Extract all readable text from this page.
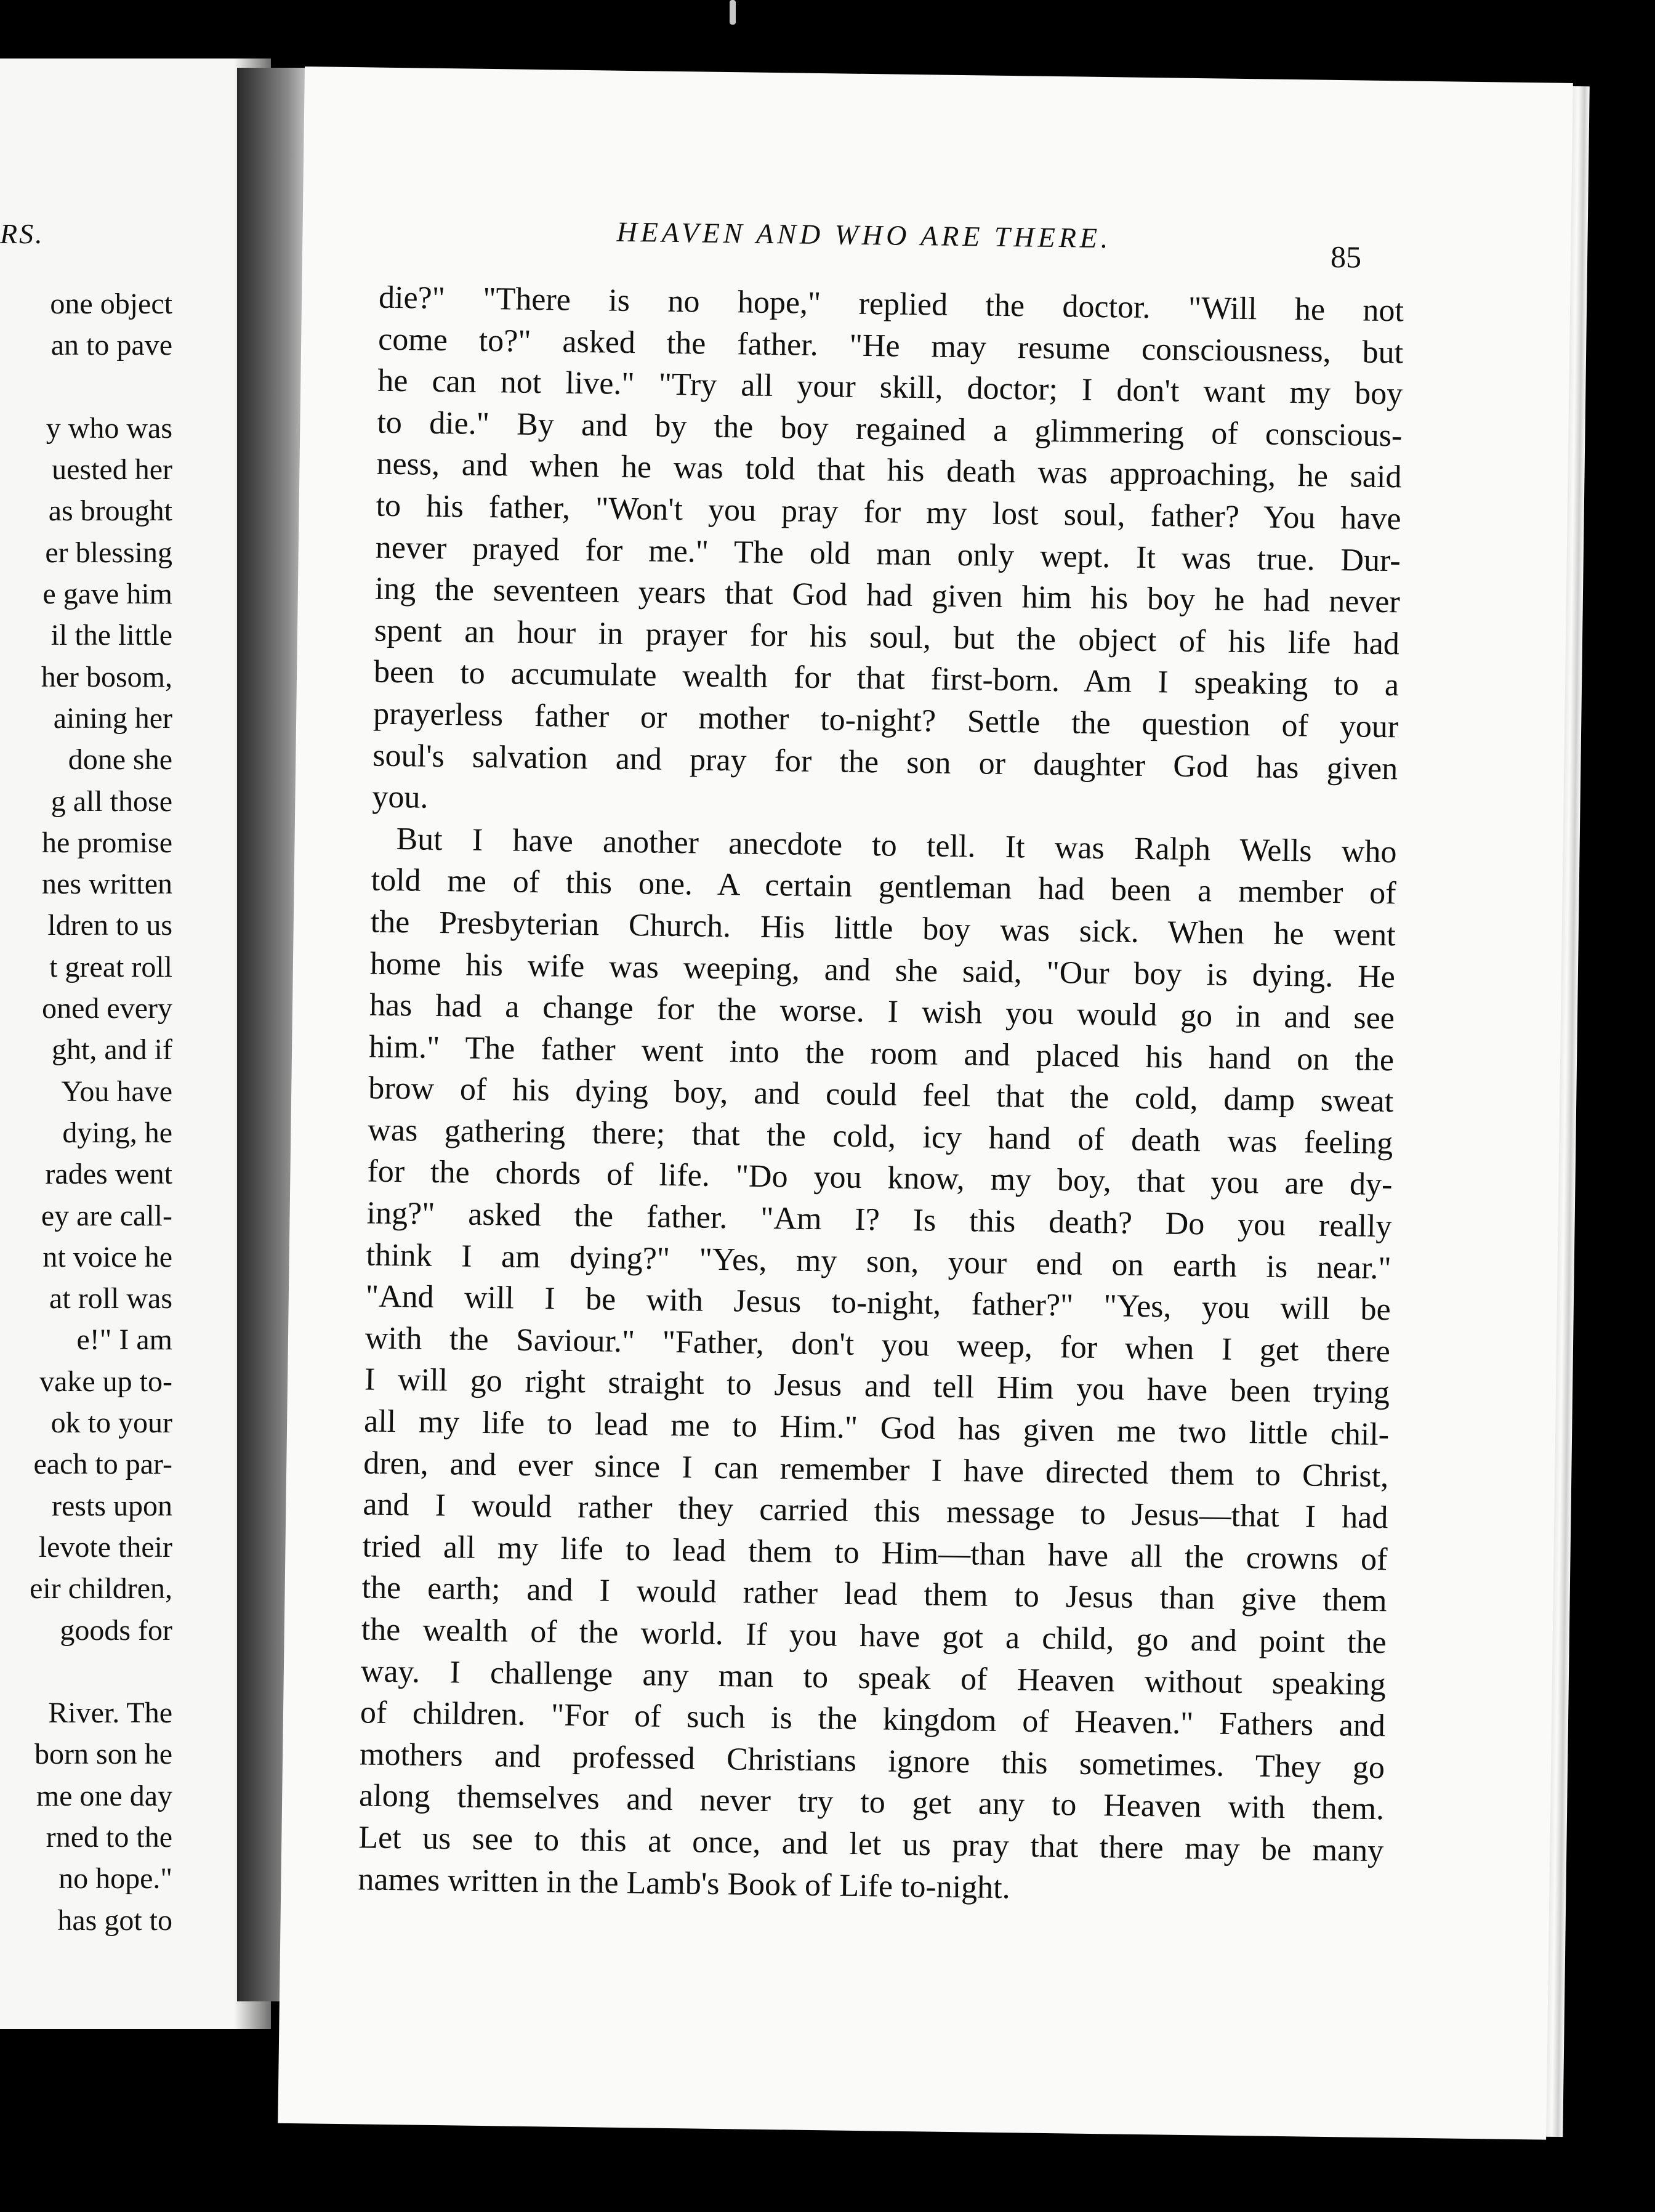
RS.
one object
an to pave
y who was
uested her
as brought
er blessing
e gave him
il the little
her bosom,
aining her
done she
g all those
he promise
nes written
ldren to us
t great roll
oned every
ght, and if
You have
dying, he
rades went
ey are call-
nt voice he
at roll was
e!" I am
vake up to-
ok to your
each to par-
rests upon
levote their
eir children,
goods for
River. The
born son he
me one day
rned to the
no hope."
has got to
HEAVEN AND WHO ARE THERE.
85
die?" "There is no hope," replied the doctor. "Will he not
come to?" asked the father. "He may resume consciousness, but
he can not live." "Try all your skill, doctor; I don't want my boy
to die." By and by the boy regained a glimmering of conscious-
ness, and when he was told that his death was approaching, he said
to his father, "Won't you pray for my lost soul, father? You have
never prayed for me." The old man only wept. It was true. Dur-
ing the seventeen years that God had given him his boy he had never
spent an hour in prayer for his soul, but the object of his life had
been to accumulate wealth for that first-born. Am I speaking to a
prayerless father or mother to-night? Settle the question of your
soul's salvation and pray for the son or daughter God has given
you.
But I have another anecdote to tell. It was Ralph Wells who
told me of this one. A certain gentleman had been a member of
the Presbyterian Church. His little boy was sick. When he went
home his wife was weeping, and she said, "Our boy is dying. He
has had a change for the worse. I wish you would go in and see
him." The father went into the room and placed his hand on the
brow of his dying boy, and could feel that the cold, damp sweat
was gathering there; that the cold, icy hand of death was feeling
for the chords of life. "Do you know, my boy, that you are dy-
ing?" asked the father. "Am I? Is this death? Do you really
think I am dying?" "Yes, my son, your end on earth is near."
"And will I be with Jesus to-night, father?" "Yes, you will be
with the Saviour." "Father, don't you weep, for when I get there
I will go right straight to Jesus and tell Him you have been trying
all my life to lead me to Him." God has given me two little chil-
dren, and ever since I can remember I have directed them to Christ,
and I would rather they carried this message to Jesus—that I had
tried all my life to lead them to Him—than have all the crowns of
the earth; and I would rather lead them to Jesus than give them
the wealth of the world. If you have got a child, go and point the
way. I challenge any man to speak of Heaven without speaking
of children. "For of such is the kingdom of Heaven." Fathers and
mothers and professed Christians ignore this sometimes. They go
along themselves and never try to get any to Heaven with them.
Let us see to this at once, and let us pray that there may be many
names written in the Lamb's Book of Life to-night.
